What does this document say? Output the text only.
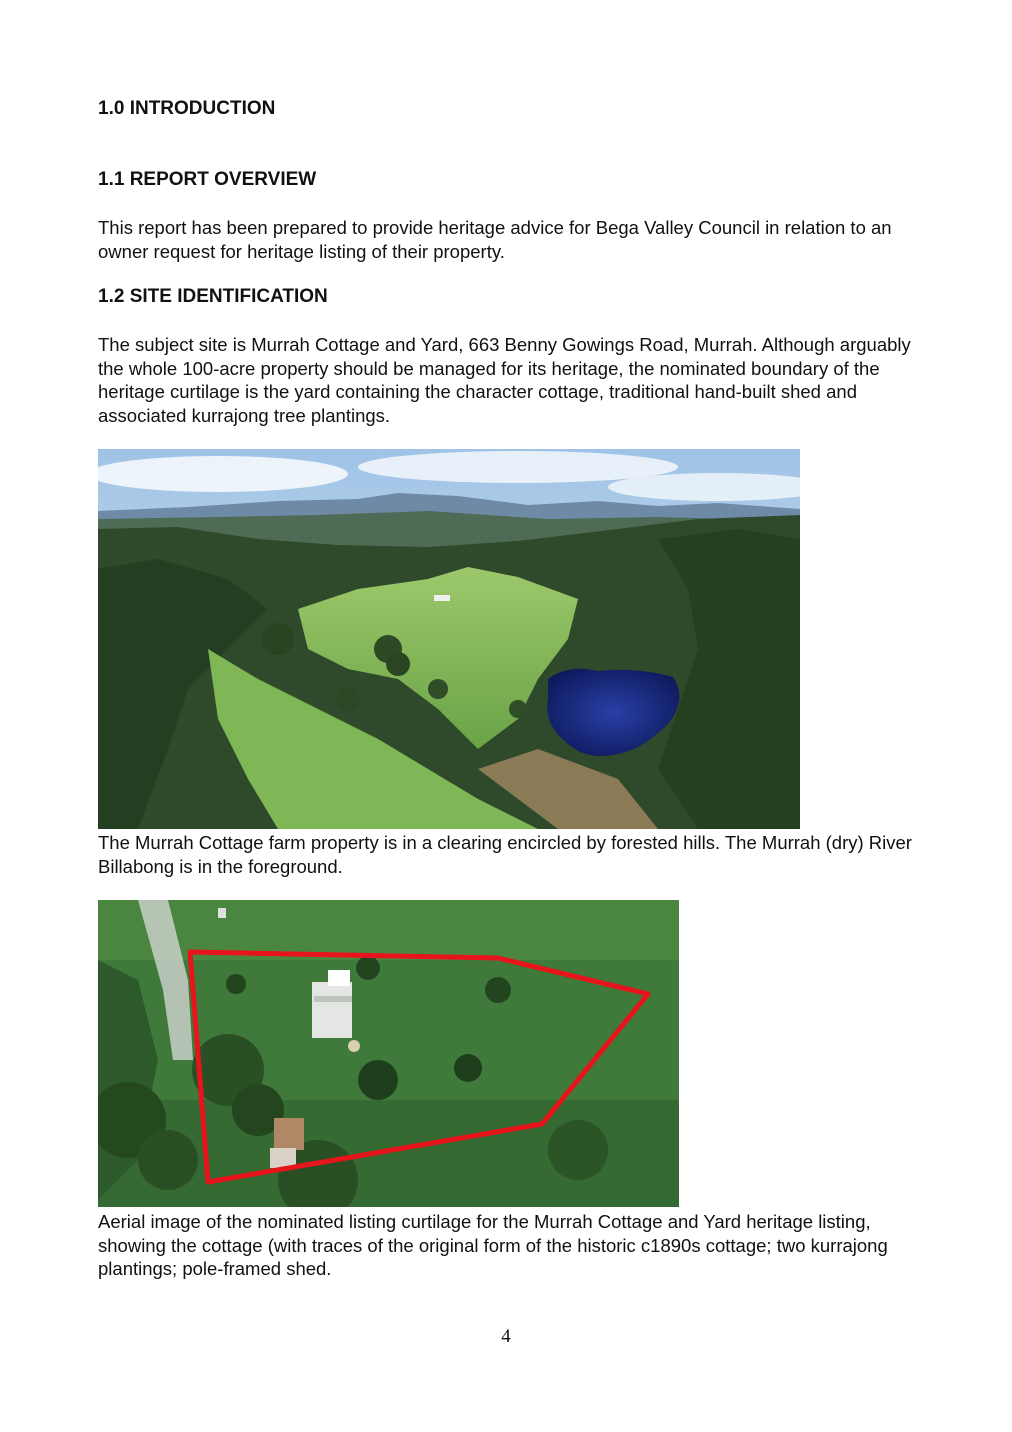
1.0 INTRODUCTION
1.1 REPORT OVERVIEW

This report has been prepared to provide heritage advice for Bega Valley Council in relation to an owner request for heritage listing of their property.

1.2 SITE IDENTIFICATION

The subject site is Murrah Cottage and Yard, 663 Benny Gowings Road, Murrah. Although arguably the whole 100-acre property should be managed for its heritage, the nominated boundary of the heritage curtilage is the yard containing the character cottage, traditional hand-built shed and associated kurrajong tree plantings.

The Murrah Cottage farm property is in a clearing encircled by forested hills. The Murrah (dry) River Billabong is in the foreground.

Aerial image of the nominated listing curtilage for the Murrah Cottage and Yard heritage listing, showing the cottage (with traces of the original form of the historic c1890s cottage; two kurrajong plantings; pole-framed shed.

4
